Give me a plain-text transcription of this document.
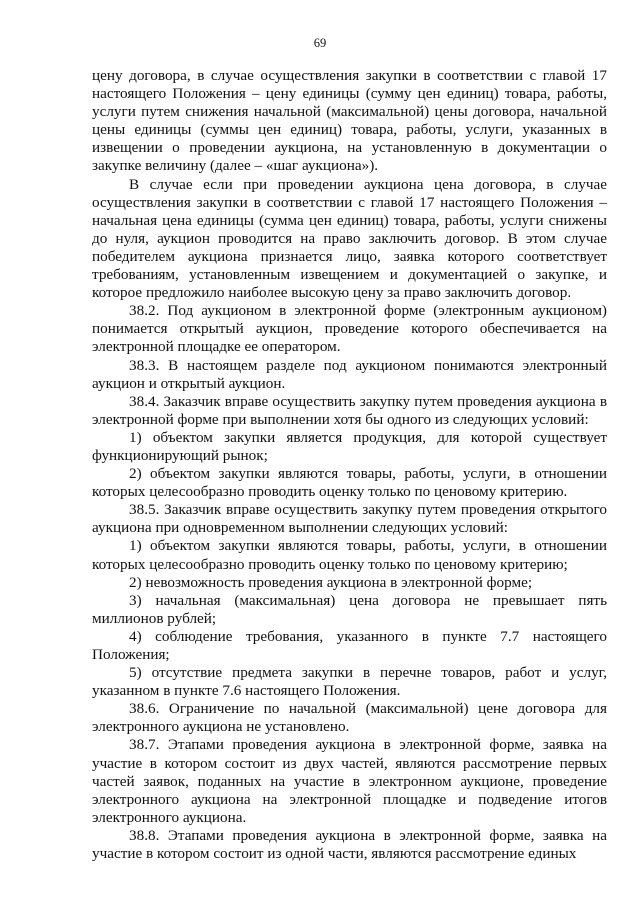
69

цену договора, в случае осуществления закупки в соответствии с главой 17 настоящего Положения – цену единицы (сумму цен единиц) товара, работы, услуги путем снижения начальной (максимальной) цены договора, начальной цены единицы (суммы цен единиц) товара, работы, услуги, указанных в извещении о проведении аукциона, на установленную в документации о закупке величину (далее – «шаг аукциона»).

В случае если при проведении аукциона цена договора, в случае осуществления закупки в соответствии с главой 17 настоящего Положения – начальная цена единицы (сумма цен единиц) товара, работы, услуги снижены до нуля, аукцион проводится на право заключить договор. В этом случае победителем аукциона признается лицо, заявка которого соответствует требованиям, установленным извещением и документацией о закупке, и которое предложило наиболее высокую цену за право заключить договор.

38.2. Под аукционом в электронной форме (электронным аукционом) понимается открытый аукцион, проведение которого обеспечивается на электронной площадке ее оператором.

38.3. В настоящем разделе под аукционом понимаются электронный аукцион и открытый аукцион.

38.4. Заказчик вправе осуществить закупку путем проведения аукциона в электронной форме при выполнении хотя бы одного из следующих условий:

1) объектом закупки является продукция, для которой существует функционирующий рынок;

2) объектом закупки являются товары, работы, услуги, в отношении которых целесообразно проводить оценку только по ценовому критерию.

38.5. Заказчик вправе осуществить закупку путем проведения открытого аукциона при одновременном выполнении следующих условий:

1) объектом закупки являются товары, работы, услуги, в отношении которых целесообразно проводить оценку только по ценовому критерию;

2) невозможность проведения аукциона в электронной форме;

3) начальная (максимальная) цена договора не превышает пять миллионов рублей;

4) соблюдение требования, указанного в пункте 7.7 настоящего Положения;

5) отсутствие предмета закупки в перечне товаров, работ и услуг, указанном в пункте 7.6 настоящего Положения.

38.6. Ограничение по начальной (максимальной) цене договора для электронного аукциона не установлено.

38.7. Этапами проведения аукциона в электронной форме, заявка на участие в котором состоит из двух частей, являются рассмотрение первых частей заявок, поданных на участие в электронном аукционе, проведение электронного аукциона на электронной площадке и подведение итогов электронного аукциона.

38.8. Этапами проведения аукциона в электронной форме, заявка на участие в котором состоит из одной части, являются рассмотрение единых
